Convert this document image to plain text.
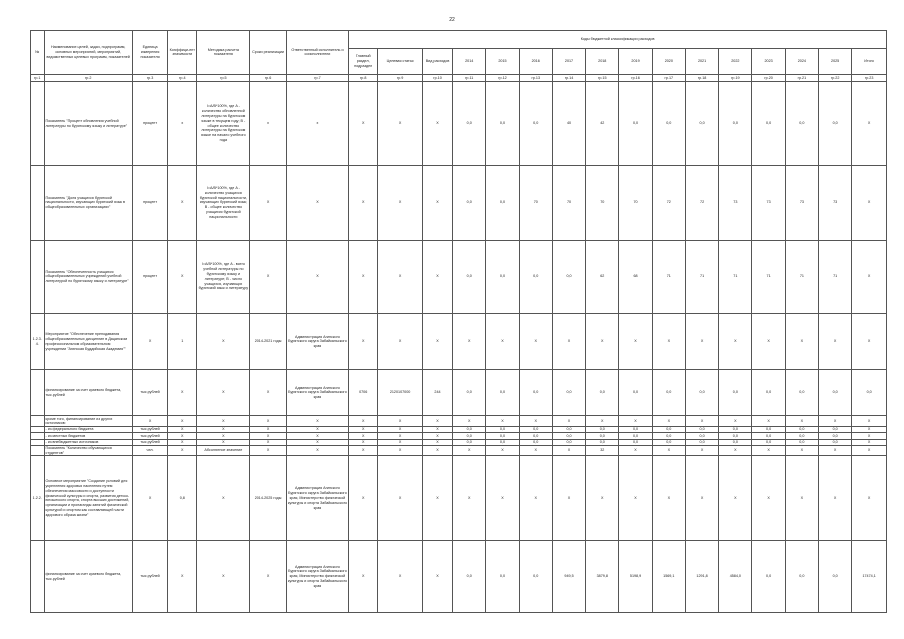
22
№	Наименование целей, задач, подпрограмм, основных мероприятий, мероприятий, ведомственных целевых программ, показателей	Единица измерения показателя	Коэффици-ент значимости	Методика расчета показателя	Сроки реализации	Ответственный исполнитель и соисполнители	Коды бюджетной классификации расходов															
							Главный раздел, подраздел	Целевая статья	Вид расходов	2014	2015	2016	2017	2018	2019	2020	2021	2022	2023	2024	2025	Итого
гр.1	гр.2	гр.3	гр.4	гр.5	гр.6	гр.7	гр.8	гр.9	гр.10	гр.11	гр.12	гр.13	гр.14	гр.15	гр.16	гр.17	гр.18	гр.19	гр.20	гр.21	гр.22	гр.23
	Показатель "Процент обновления учебной литературы по бурятскому языку и литературе"	процент	х	I=A/B*100%, где A - количество обновленной литературы на бурятском языке в текущем году; B - общее количество литературы на бурятском языке на начало учебного года	х	х	Х	Х	Х	0,0	0,0	0,0	40	42	0,0	0,0	0,0	0,0	0,0	0,0	0,0	Х
	Показатель "Доля учащихся бурятской национальности, изучающих бурятский язык в общеобразовательных организациях"	процент	Х	I=A/B*100%, где A - количество учащихся бурятской национальности, изучающих бурятский язык; B - общее количество учащихся бурятской национальности	Х	Х	Х	Х	Х	0,0	0,0	70	70	70	70	72	72	73	73	73	73	Х
	Показатель "Обеспеченность учащихся общеобразовательных учреждений учебной литературой по бурятскому языку и литературе"	процент	Х	I=A/B*100%, где A - всего учебной литературы по бурятскому языку и литературе; B - число учащихся, изучающих бурятский язык и литературу	Х	Х	Х	Х	Х	0,0	0,0	0,0	0,0	62	68	71	71	71	71	71	71	Х
1.2.3.4.	Мероприятие "Обеспечение преподавания общеобразовательных дисциплин в Дацанском профессиональном образовательном учреждении "Агинская Буддийская Академия""	Х	1	Х	2014-2021 годы	Администрация Агинского Бурятского округа Забайкальского края	Х	Х	Х	Х	Х	Х	Х	Х	Х	Х	Х	Х	Х	Х	Х	Х
	финансирование за счет краевого бюджета, тыс.рублей	тыс.рублей	Х	Х	Х	Администрация Агинского Бурятского округа Забайкальского края	0706	2120107000	244	0,0	0,0	0,0	0,0	0,0	0,0	0,0	0,0	0,0	0,0	0,0	0,0	0,0
	кроме того, финансирование из других источников:	Х	Х	Х	Х	Х	Х	Х	Х	Х	Х	Х	Х	Х	Х	Х	Х	Х	Х	Х	Х	Х
	- из федерального бюджета	тыс.рублей	Х	Х	Х	Х	Х	Х	Х	0,0	0,0	0,0	0,0	0,0	0,0	0,0	0,0	0,0	0,0	0,0	0,0	Х
	- из местных бюджетов	тыс.рублей	Х	Х	Х	Х	Х	Х	Х	0,0	0,0	0,0	0,0	0,0	0,0	0,0	0,0	0,0	0,0	0,0	0,0	Х
	- из внебюджетных источников	тыс.рублей	Х	Х	Х	Х	Х	Х	Х	0,0	0,0	0,0	0,0	0,0	0,0	0,0	0,0	0,0	0,0	0,0	0,0	Х
	Показатель "Количество обучающихся студентов"	чел.	Х	Абсолютное значение	Х	Х	Х	Х	Х	Х	Х	Х	Х	32	Х	Х	Х	Х	Х	Х	Х	Х
1.2.2.	Основное мероприятие "Создание условий для укрепления здоровья населения путем обеспечения массовости и доступности физической культуры и спорта, развития детско-юношеского спорта, спорта высших достижений, организации и пропаганды занятий физической культурой и спортом как составляющей части здорового образа жизни"	Х	0,8	Х	2014-2025 годы	Администрация Агинского Бурятского округа Забайкальского края, Министерство физической культуры и спорта Забайкальского края	Х	Х	Х	Х	Х	Х	Х	Х	Х	Х	Х	Х	Х	Х	Х	Х
	финансирование за счет краевого бюджета, тыс.рублей	тыс.рублей	Х	Х	Х	Администрация Агинского Бурятского округа Забайкальского края, Министерство физической культуры и спорта Забайкальского края	Х	Х	Х	0,0	0,0	0,0	949,5	3879,8	5198,9	1569,1	1291,8	4584,0	0,0	0,0	0,0	17474,1
